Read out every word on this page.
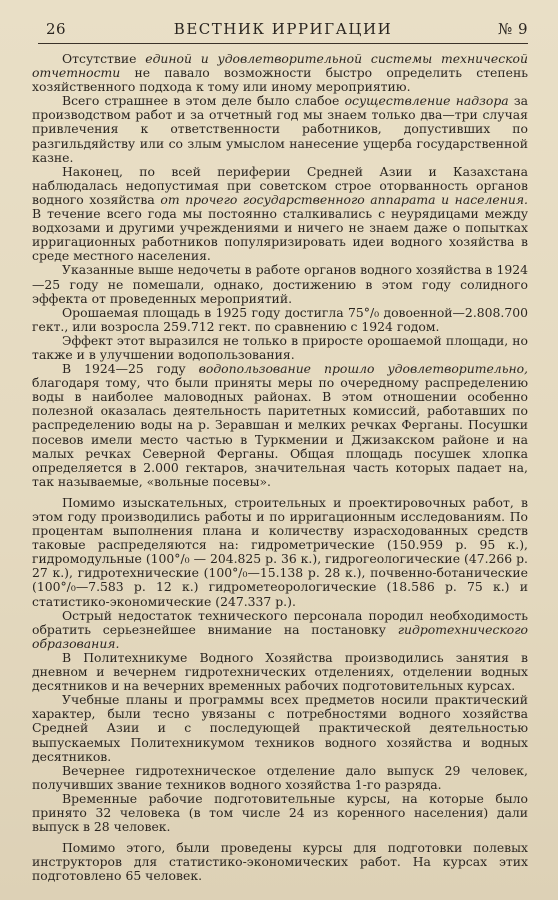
26	ВЕСТНИК ИРРИГАЦИИ	№ 9

Отсутствие единой и удовлетворительной системы технической отчетности не павало возможности быстро определить степень хозяйственного подхода к тому или иному мероприятию.

Всего страшнее в этом деле было слабое осуществление надзора за производством работ и за отчетный год мы знаем только два—три случая привлечения к ответственности работников, допустивших по разгильдяйству или со злым умыслом нанесение ущерба государственной казне.

Наконец, по всей периферии Средней Азии и Казахстана наблюдалась недопустимая при советском строе оторванность органов водного хозяйства от прочего государственного аппарата и населения. В течение всего года мы постоянно сталкивались с неурядицами между водхозами и другими учреждениями и ничего не знаем даже о попытках ирригационных работников популяризировать идеи водного хозяйства в среде местного населения.

Указанные выше недочеты в работе органов водного хозяйства в 1924—25 году не помешали, однако, достижению в этом году солидного эффекта от проведенных мероприятий.

Орошаемая площадь в 1925 году достигла 75°/₀ довоенной—2.808.700 гект., или возросла 259.712 гект. по сравнению с 1924 годом.

Эффект этот выразился не только в приросте орошаемой площади, но также и в улучшении водопользования.

В 1924—25 году водопользование прошло удовлетворительно, благодаря тому, что были приняты меры по очередному распределению воды в наиболее маловодных районах. В этом отношении особенно полезной оказалась деятельность паритетных комиссий, работавших по распределению воды на р. Зеравшан и мелких речках Ферганы. Посушки посевов имели место частью в Туркмении и Джизакском районе и на малых речках Северной Ферганы. Общая площадь посушек хлопка определяется в 2.000 гектаров, значительная часть которых падает на, так называемые, «вольные посевы».

Помимо изыскательных, строительных и проектировочных работ, в этом году производились работы и по ирригационным исследованиям. По процентам выполнения плана и количеству израсходованных средств таковые распределяются на: гидрометрические (150.959 р. 95 к.), гидромодульные (100°/₀ — 204.825 р. 36 к.), гидрогеологические (47.266 р. 27 к.), гидротехнические (100°/₀—15.138 р. 28 к.), почвенно-ботанические (100°/₀—7.583 р. 12 к.) гидрометеорологические (18.586 р. 75 к.) и статистико-экономические (247.337 р.).

Острый недостаток технического персонала породил необходимость обратить серьезнейшее внимание на постановку гидротехнического образования.

В Политехникуме Водного Хозяйства производились занятия в дневном и вечернем гидротехнических отделениях, отделении водных десятников и на вечерних временных рабочих подготовительных курсах.

Учебные планы и программы всех предметов носили практический характер, были тесно увязаны с потребностями водного хозяйства Средней Азии и с последующей практической деятельностью выпускаемых Политехникумом техников водного хозяйства и водных десятников.

Вечернее гидротехническое отделение дало выпуск 29 человек, получивших звание техников водного хозяйства 1-го разряда.

Временные рабочие подготовительные курсы, на которые было принято 32 человека (в том числе 24 из коренного населения) дали выпуск в 28 человек.

Помимо этого, были проведены курсы для подготовки полевых инструкторов для статистико-экономических работ. На курсах этих подготовлено 65 человек.
